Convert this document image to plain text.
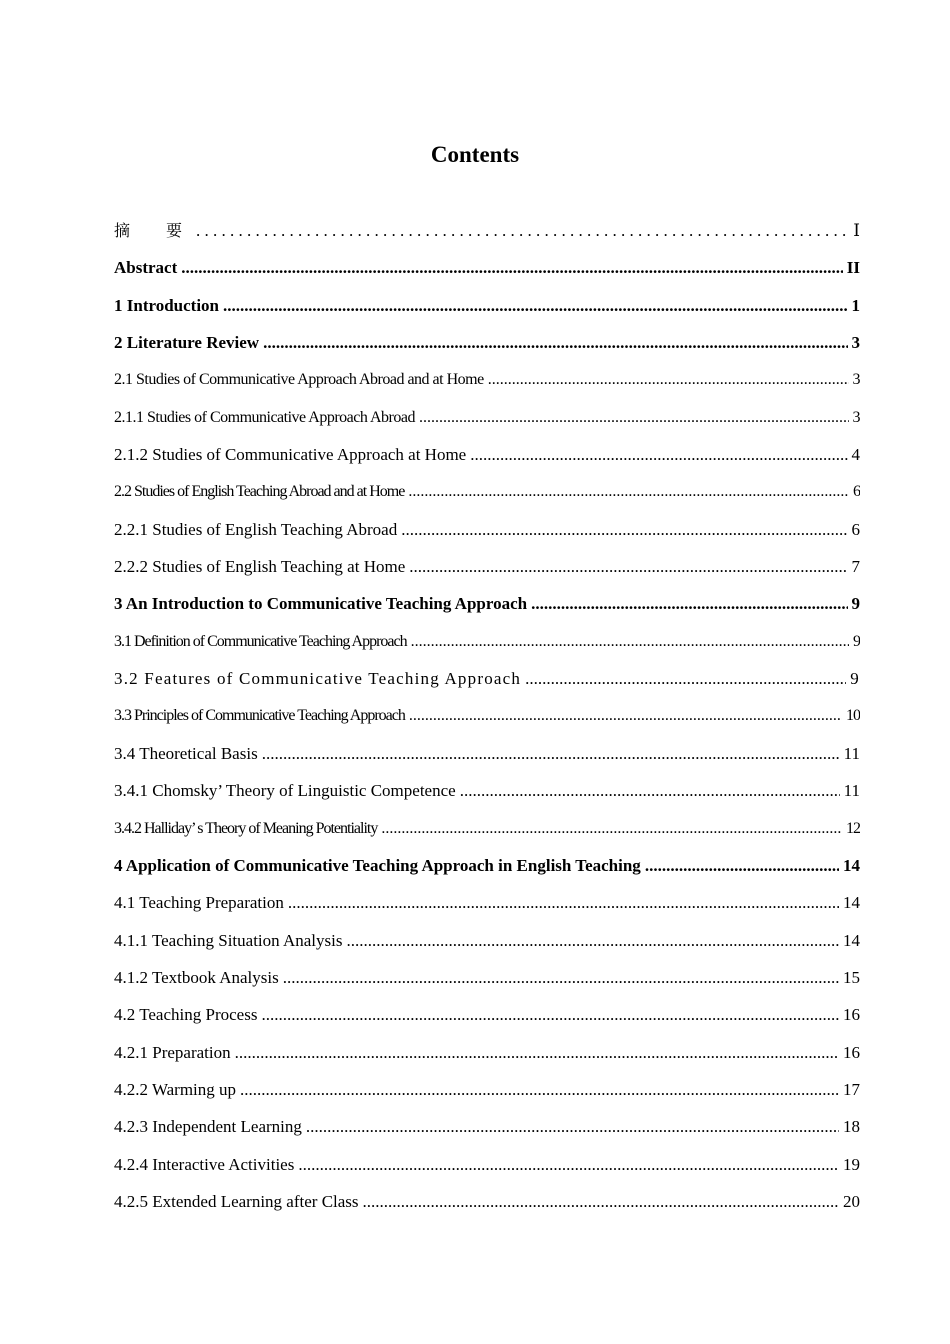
Contents
摘　要 . . .	Ⅰ
Abstract .....	II
1 Introduction .....	1
2 Literature Review .....	3
2.1 Studies of Communicative Approach Abroad and at Home .....	3
2.1.1 Studies of Communicative Approach Abroad .....	3
2.1.2 Studies of Communicative Approach at Home .....	4
2.2 Studies of English Teaching Abroad and at Home .....	6
2.2.1 Studies of English Teaching Abroad .....	6
2.2.2 Studies of English Teaching at Home .....	7
3 An Introduction to Communicative Teaching Approach .....	9
3.1 Definition of Communicative Teaching Approach .....	9
3.2 Features of Communicative Teaching Approach .....	9
3.3 Principles of Communicative Teaching Approach .....	10
3.4 Theoretical Basis .....	11
3.4.1 Chomsky’ Theory of Linguistic Competence .....	11
3.4.2 Halliday’ s Theory of Meaning Potentiality .....	12
4 Application of Communicative Teaching Approach in English Teaching .....	14
4.1 Teaching Preparation .....	14
4.1.1 Teaching Situation Analysis .....	14
4.1.2 Textbook Analysis .....	15
4.2 Teaching Process .....	16
4.2.1 Preparation .....	16
4.2.2 Warming up .....	17
4.2.3 Independent Learning .....	18
4.2.4 Interactive Activities .....	19
4.2.5 Extended Learning after Class .....	20
